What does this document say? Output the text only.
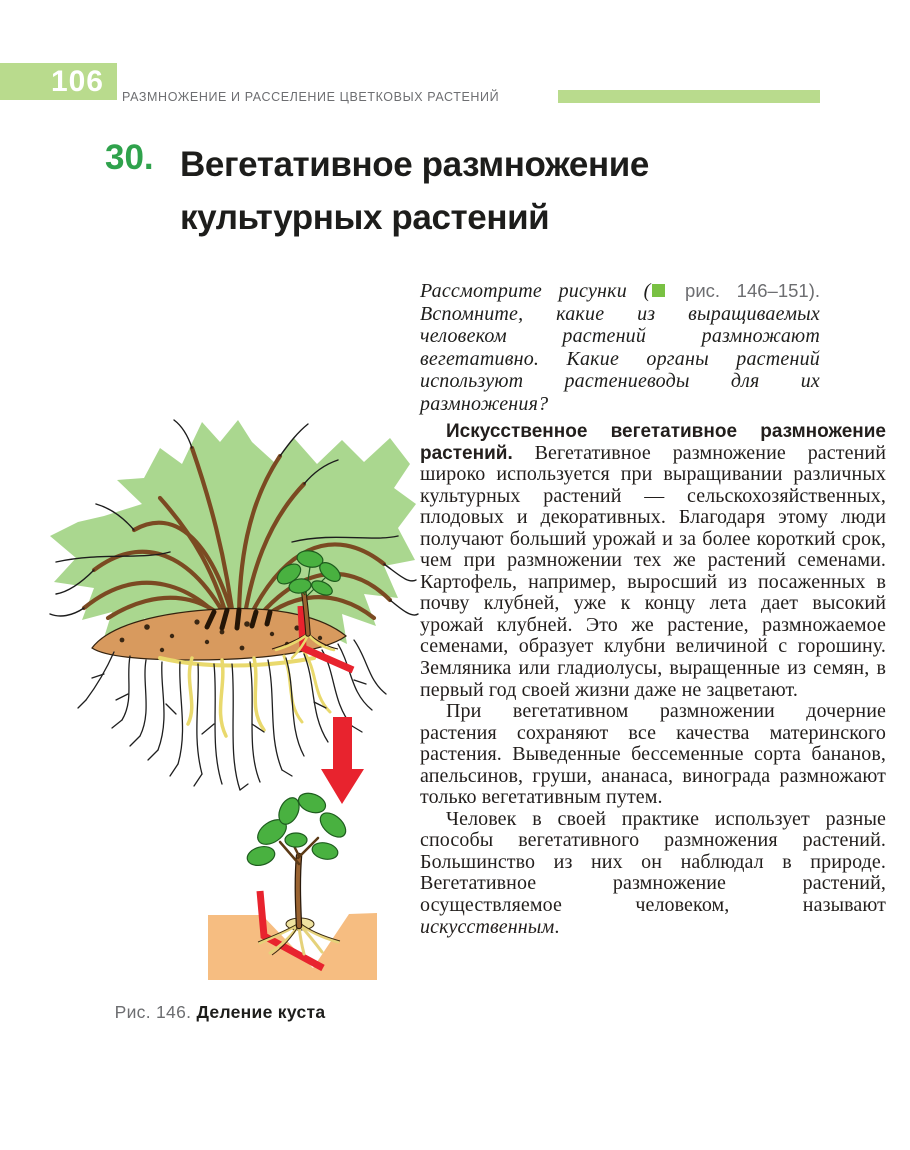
106	РАЗМНОЖЕНИЕ И РАССЕЛЕНИЕ ЦВЕТКОВЫХ РАСТЕНИЙ
30. Вегетативное размножение
культурных растений

Рассмотрите рисунки ( рис. 146–151). Вспомните, какие из выращиваемых человеком растений размножают вегетативно. Какие органы растений используют растениеводы для их размножения?

Искусственное вегетативное размножение растений. Вегетативное размножение растений широко используется при выращивании различных культурных растений — сельскохозяйственных, плодовых и декоративных. Благодаря этому люди получают больший урожай и за более короткий срок, чем при размножении тех же растений семенами. Картофель, например, выросший из посаженных в почву клубней, уже к концу лета дает высокий урожай клубней. Это же растение, размножаемое семенами, образует клубни величиной с горошину. Земляника или гладиолусы, выращенные из семян, в первый год своей жизни даже не зацветают.

При вегетативном размножении дочерние растения сохраняют все качества материнского растения. Выведенные бессеменные сорта бананов, апельсинов, груши, ананаса, винограда размножают только вегетативным путем.

Человек в своей практике использует разные способы вегетативного размножения растений. Большинство из них он наблюдал в природе. Вегетативное размножение растений, осуществляемое человеком, называют искусственным.

Рис. 146. Деление куста
